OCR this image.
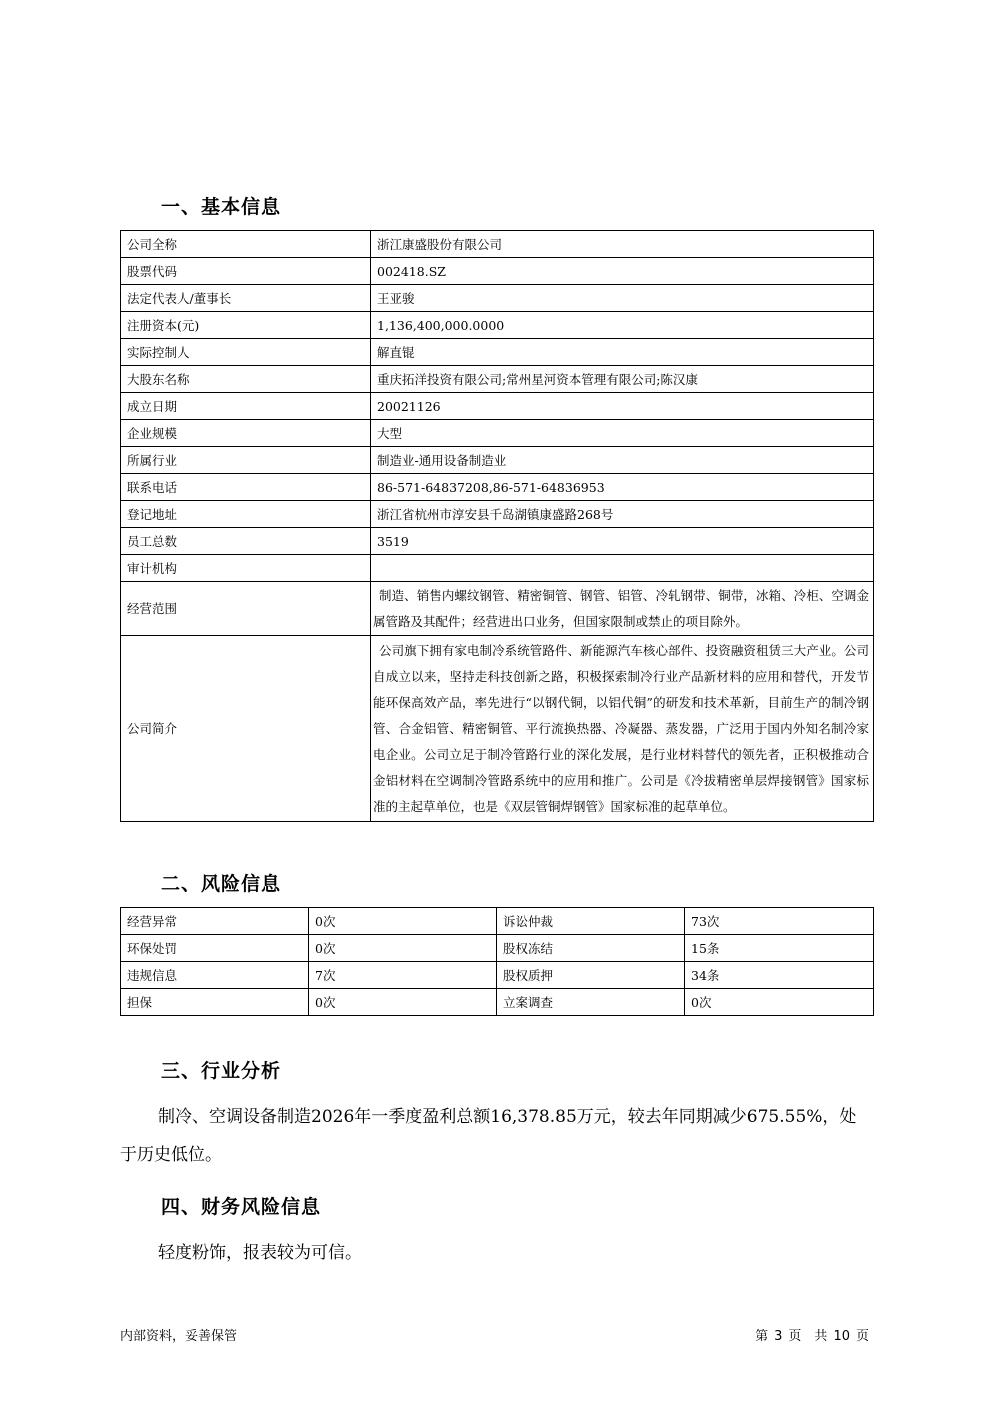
一、基本信息
公司全称	浙江康盛股份有限公司
股票代码	002418.SZ
法定代表人/董事长	王亚骏
注册资本(元)	1,136,400,000.0000
实际控制人	解直锟
大股东名称	重庆拓洋投资有限公司;常州星河资本管理有限公司;陈汉康
成立日期	20021126
企业规模	大型
所属行业	制造业-通用设备制造业
联系电话	86-571-64837208,86-571-64836953
登记地址	浙江省杭州市淳安县千岛湖镇康盛路268号
员工总数	3519
审计机构	
经营范围	制造、销售内螺纹钢管、精密铜管、钢管、铝管、冷轧钢带、铜带，冰箱、冷柜、空调金属管路及其配件；经营进出口业务，但国家限制或禁止的项目除外。
公司简介	公司旗下拥有家电制冷系统管路件、新能源汽车核心部件、投资融资租赁三大产业。公司自成立以来，坚持走科技创新之路，积极探索制冷行业产品新材料的应用和替代，开发节能环保高效产品，率先进行“以钢代铜，以铝代铜”的研发和技术革新，目前生产的制冷钢管、合金铝管、精密铜管、平行流换热器、冷凝器、蒸发器，广泛用于国内外知名制冷家电企业。公司立足于制冷管路行业的深化发展，是行业材料替代的领先者，正积极推动合金铝材料在空调制冷管路系统中的应用和推广。公司是《冷拔精密单层焊接钢管》国家标准的主起草单位，也是《双层管铜焊钢管》国家标准的起草单位。
二、风险信息
经营异常	0次	诉讼仲裁	73次
环保处罚	0次	股权冻结	15条
违规信息	7次	股权质押	34条
担保	0次	立案调查	0次
三、行业分析

制冷、空调设备制造2026年一季度盈利总额16,378.85万元，较去年同期减少675.55%，处于历史低位。

四、财务风险信息

轻度粉饰，报表较为可信。

内部资料，妥善保管	第 3 页　共 10 页
